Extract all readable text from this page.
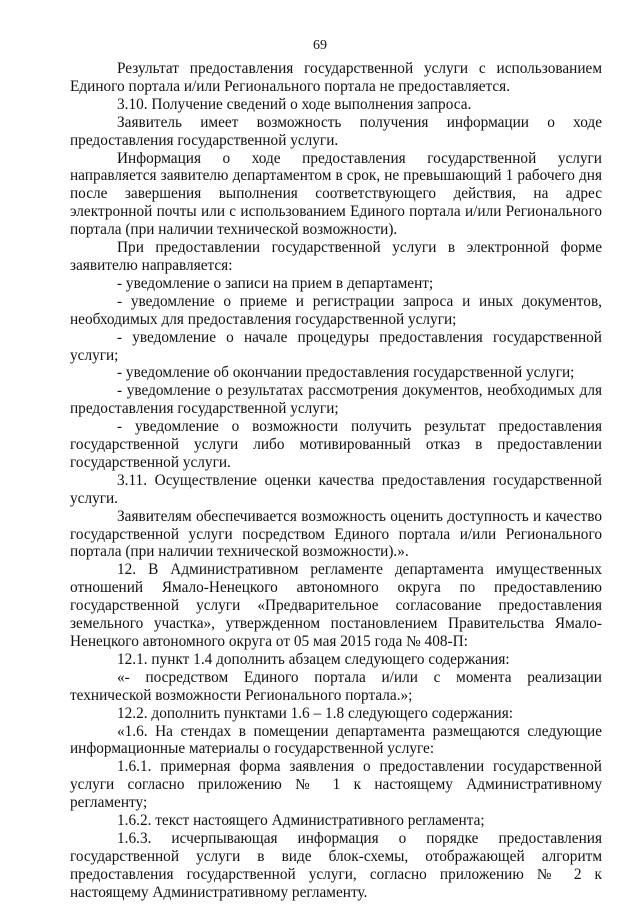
69

Результат предоставления государственной услуги с использованием Единого портала и/или Регионального портала не предоставляется.

3.10. Получение сведений о ходе выполнения запроса.

Заявитель имеет возможность получения информации о ходе предоставления государственной услуги.

Информация о ходе предоставления государственной услуги направляется заявителю департаментом в срок, не превышающий 1 рабочего дня после завершения выполнения соответствующего действия, на адрес электронной почты или с использованием Единого портала и/или Регионального портала (при наличии технической возможности).

При предоставлении государственной услуги в электронной форме заявителю направляется:

- уведомление о записи на прием в департамент;

- уведомление о приеме и регистрации запроса и иных документов, необходимых для предоставления государственной услуги;

- уведомление о начале процедуры предоставления государственной услуги;

- уведомление об окончании предоставления государственной услуги;

- уведомление о результатах рассмотрения документов, необходимых для предоставления государственной услуги;

- уведомление о возможности получить результат предоставления государственной услуги либо мотивированный отказ в предоставлении государственной услуги.

3.11. Осуществление оценки качества предоставления государственной услуги.

Заявителям обеспечивается возможность оценить доступность и качество государственной услуги посредством Единого портала и/или Регионального портала (при наличии технической возможности).».

12. В Административном регламенте департамента имущественных отношений Ямало-Ненецкого автономного округа по предоставлению государственной услуги «Предварительное согласование предоставления земельного участка», утвержденном постановлением Правительства Ямало-Ненецкого автономного округа от 05 мая 2015 года № 408-П:

12.1. пункт 1.4 дополнить абзацем следующего содержания:

«- посредством Единого портала и/или с момента реализации технической возможности Регионального портала.»;

12.2. дополнить пунктами 1.6 – 1.8 следующего содержания:

«1.6. На стендах в помещении департамента размещаются следующие информационные материалы о государственной услуге:

1.6.1. примерная форма заявления о предоставлении государственной услуги согласно приложению № 1 к настоящему Административному регламенту;

1.6.2. текст настоящего Административного регламента;

1.6.3. исчерпывающая информация о порядке предоставления государственной услуги в виде блок-схемы, отображающей алгоритм предоставления государственной услуги, согласно приложению № 2 к настоящему Административному регламенту.
